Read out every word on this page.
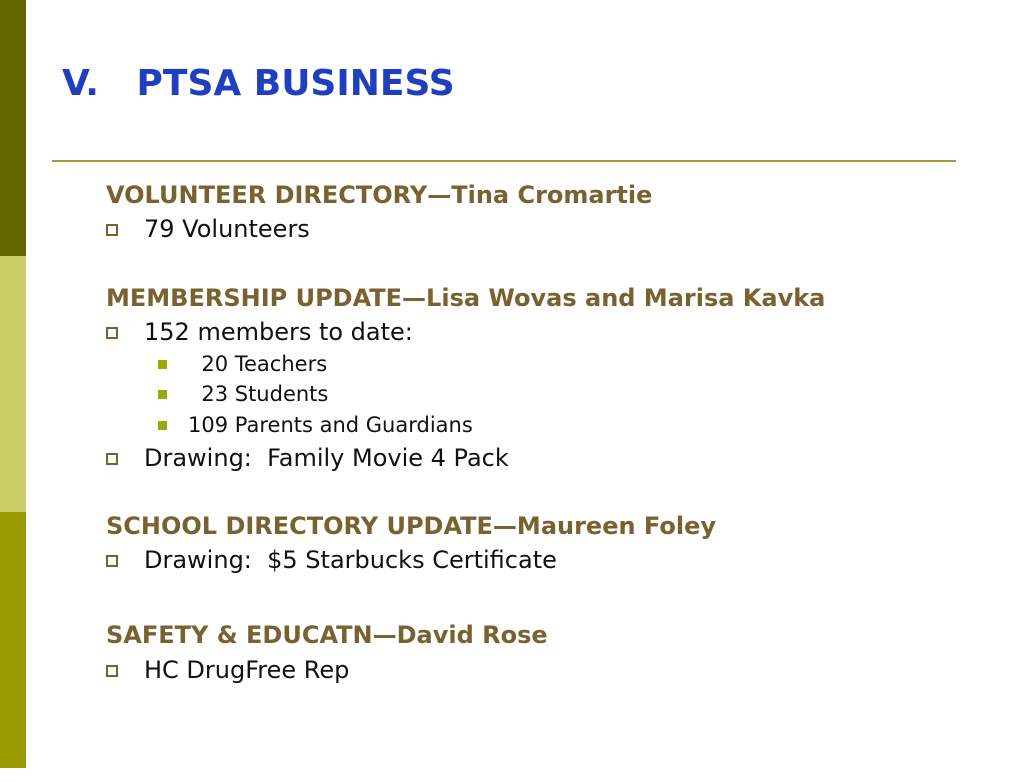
V.   PTSA BUSINESS

VOLUNTEER DIRECTORY—Tina Cromartie

79 Volunteers

MEMBERSHIP UPDATE—Lisa Wovas and Marisa Kavka

152 members to date:

20 Teachers

23 Students

109 Parents and Guardians

Drawing:  Family Movie 4 Pack

SCHOOL DIRECTORY UPDATE—Maureen Foley

Drawing:  $5 Starbucks Certificate

SAFETY & EDUCATN—David Rose

HC DrugFree Rep
